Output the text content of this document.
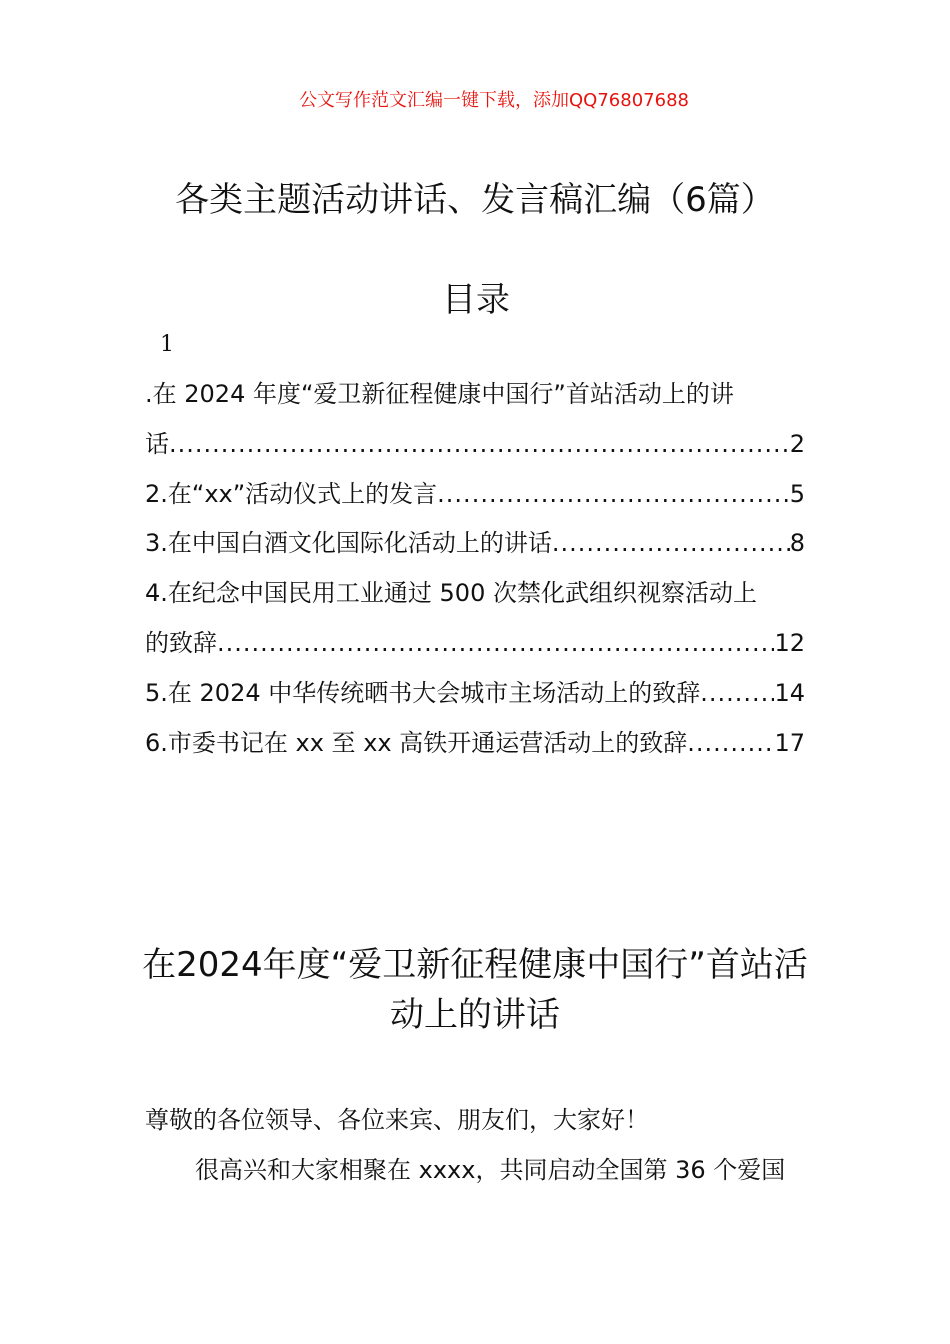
公文写作范文汇编一键下载，添加QQ76807688
各类主题活动讲话、发言稿汇编（6篇）
目录
1
.在 2024 年度“爱卫新征程健康中国行”首站活动上的讲
话 .....	2
2.在“xx”活动仪式上的发言 .....	5
3.在中国白酒文化国际化活动上的讲话 .....	8
4.在纪念中国民用工业通过 500 次禁化武组织视察活动上
的致辞 .....	12
5.在 2024 中华传统晒书大会城市主场活动上的致辞 .....	14
6.市委书记在 xx 至 xx 高铁开通运营活动上的致辞 .....	17
在2024年度“爱卫新征程健康中国行”首站活动上的讲话
尊敬的各位领导、各位来宾、朋友们，大家好！
很高兴和大家相聚在 xxxx，共同启动全国第 36 个爱国
